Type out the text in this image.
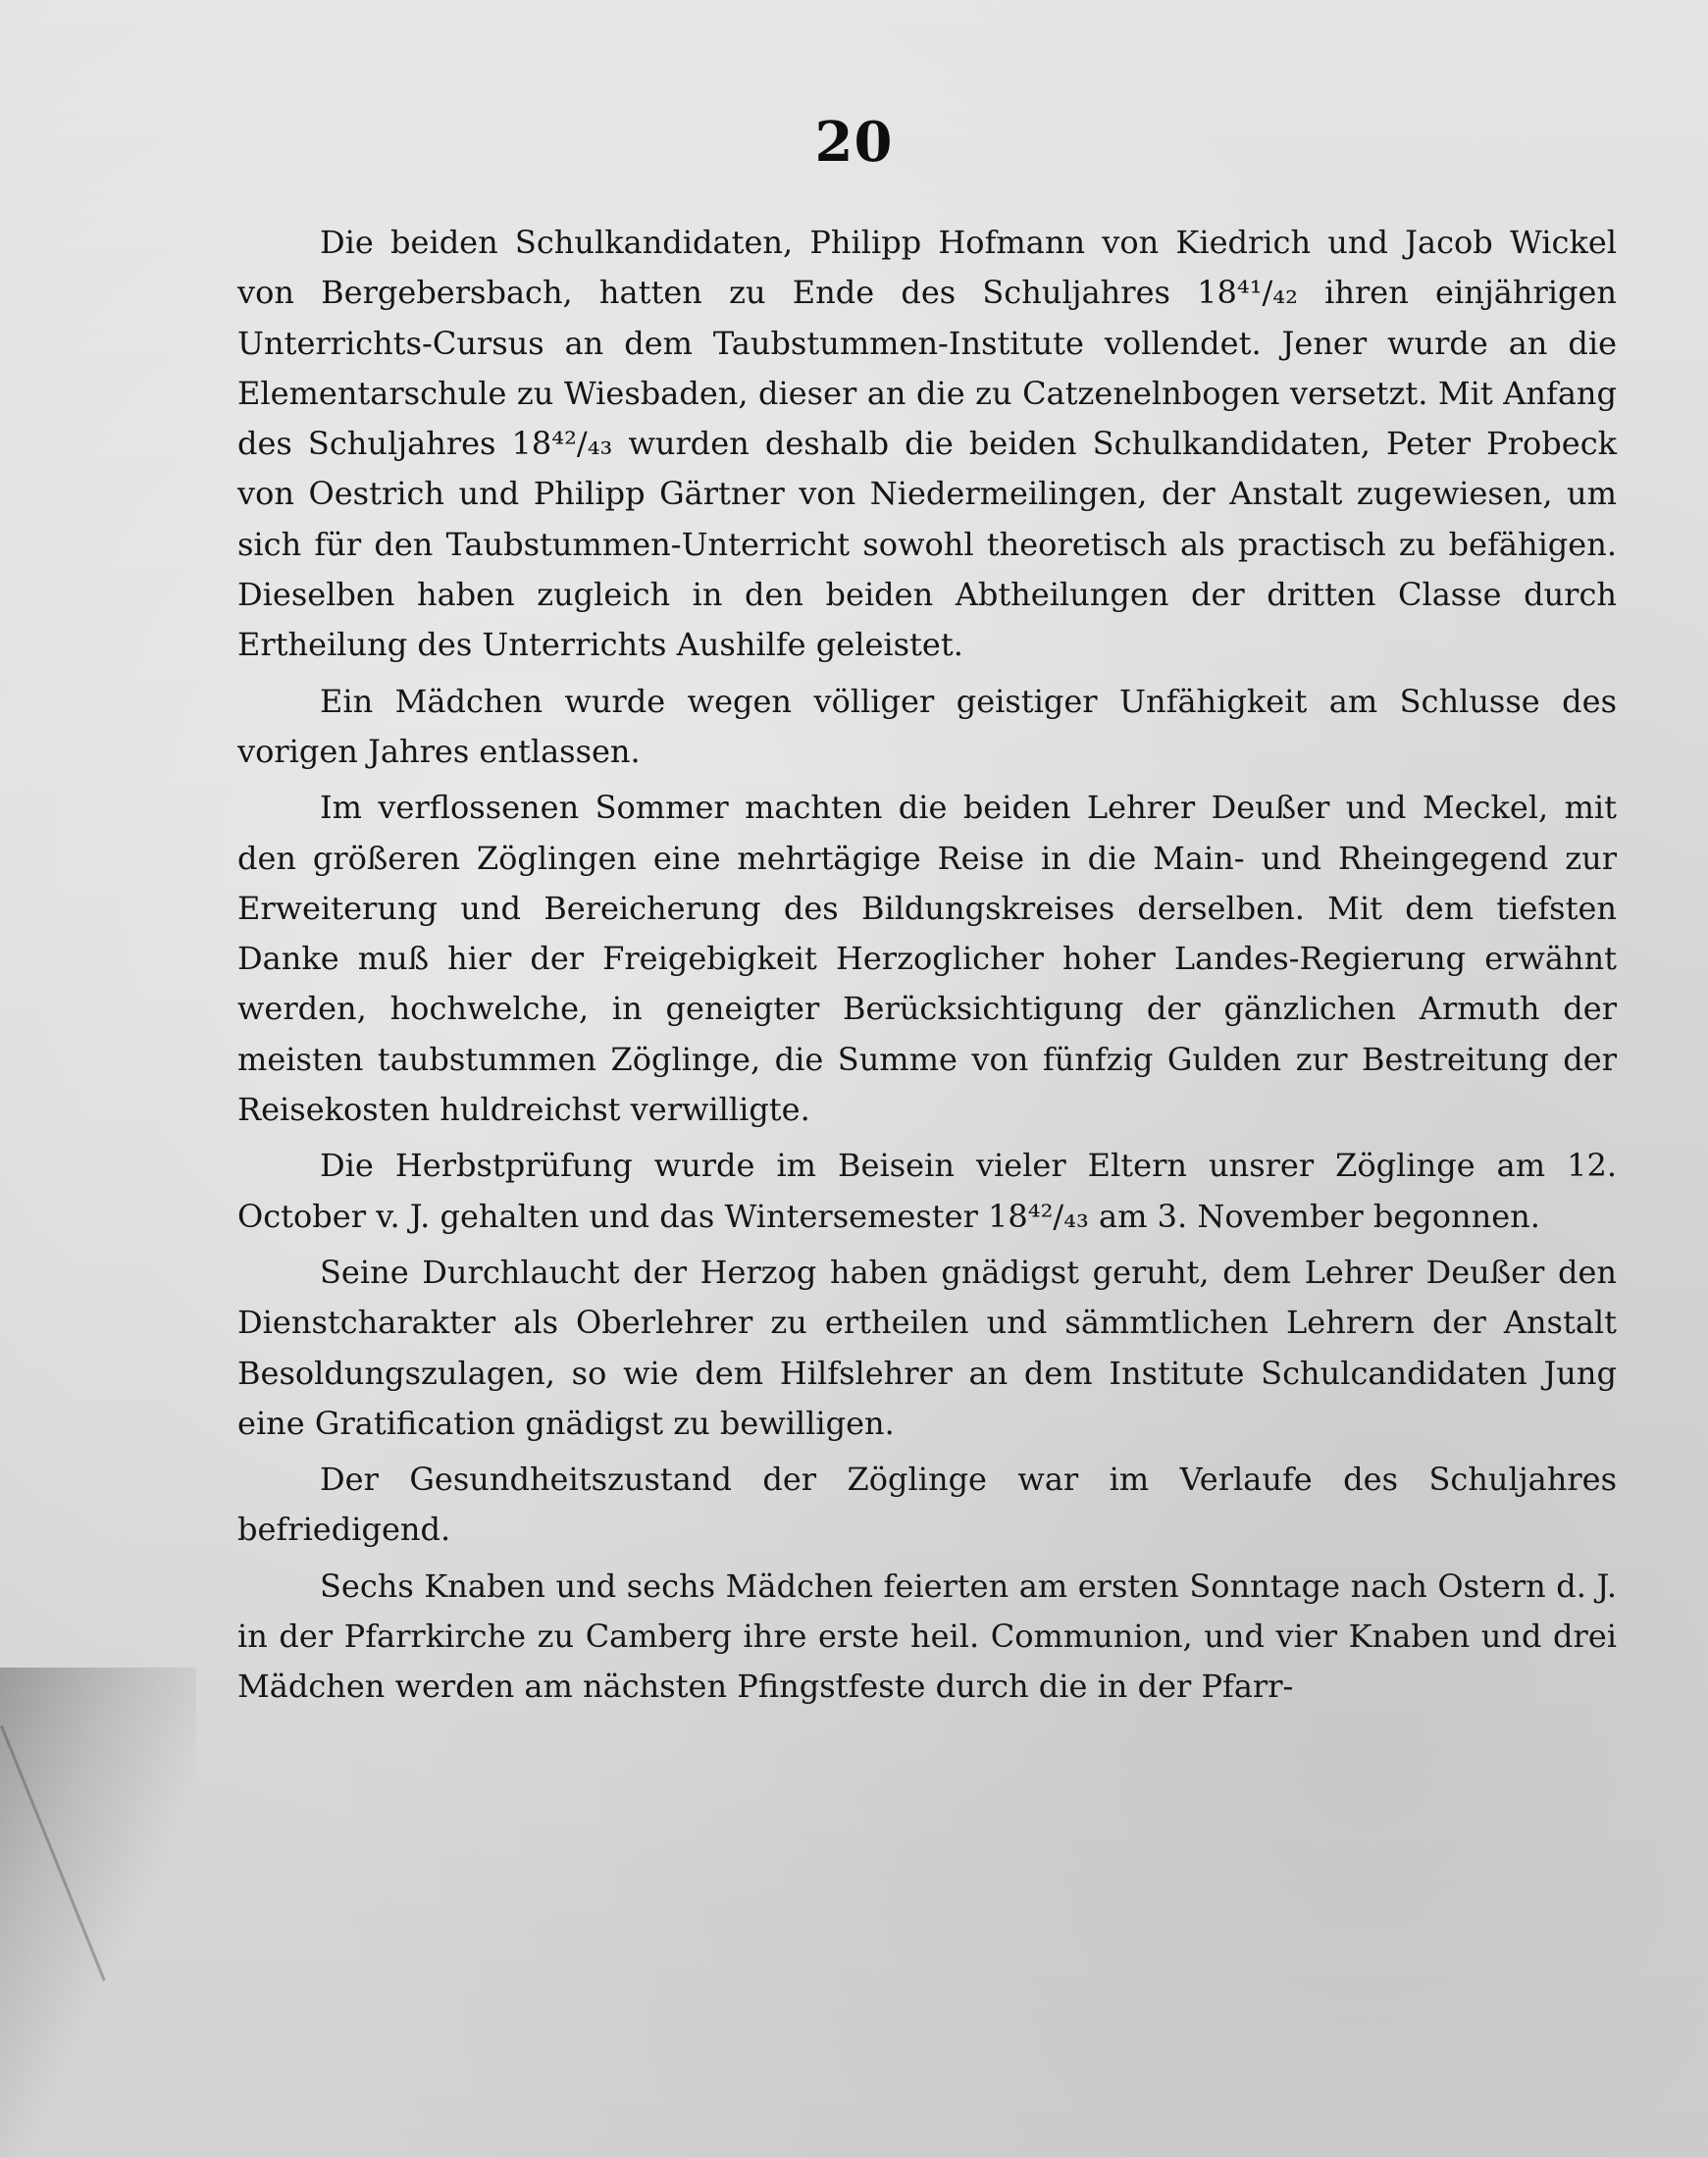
20

Die beiden Schulkandidaten, Philipp Hofmann von Kiedrich und Jacob Wickel von Bergebersbach, hatten zu Ende des Schuljahres 18⁴¹/₄₂ ihren einjährigen Unterrichts-Cursus an dem Taubstummen-Institute vollendet. Jener wurde an die Elementarschule zu Wiesbaden, dieser an die zu Catzenelnbogen versetzt. Mit Anfang des Schuljahres 18⁴²/₄₃ wurden deshalb die beiden Schulkandidaten, Peter Probeck von Oestrich und Philipp Gärtner von Niedermeilingen, der Anstalt zugewiesen, um sich für den Taubstummen-Unterricht sowohl theoretisch als practisch zu befähigen. Dieselben haben zugleich in den beiden Abtheilungen der dritten Classe durch Ertheilung des Unterrichts Aushilfe geleistet.

Ein Mädchen wurde wegen völliger geistiger Unfähigkeit am Schlusse des vorigen Jahres entlassen.

Im verflossenen Sommer machten die beiden Lehrer Deußer und Meckel, mit den größeren Zöglingen eine mehrtägige Reise in die Main- und Rheingegend zur Erweiterung und Bereicherung des Bildungskreises derselben. Mit dem tiefsten Danke muß hier der Freigebigkeit Herzoglicher hoher Landes-Regierung erwähnt werden, hochwelche, in geneigter Berücksichtigung der gänzlichen Armuth der meisten taubstummen Zöglinge, die Summe von fünfzig Gulden zur Bestreitung der Reisekosten huldreichst verwilligte.

Die Herbstprüfung wurde im Beisein vieler Eltern unsrer Zöglinge am 12. October v. J. gehalten und das Wintersemester 18⁴²/₄₃ am 3. November begonnen.

Seine Durchlaucht der Herzog haben gnädigst geruht, dem Lehrer Deußer den Dienstcharakter als Oberlehrer zu ertheilen und sämmtlichen Lehrern der Anstalt Besoldungszulagen, so wie dem Hilfslehrer an dem Institute Schulcandidaten Jung eine Gratification gnädigst zu bewilligen.

Der Gesundheitszustand der Zöglinge war im Verlaufe des Schuljahres befriedigend.

Sechs Knaben und sechs Mädchen feierten am ersten Sonntage nach Ostern d. J. in der Pfarrkirche zu Camberg ihre erste heil. Communion, und vier Knaben und drei Mädchen werden am nächsten Pfingstfeste durch die in der Pfarr-
